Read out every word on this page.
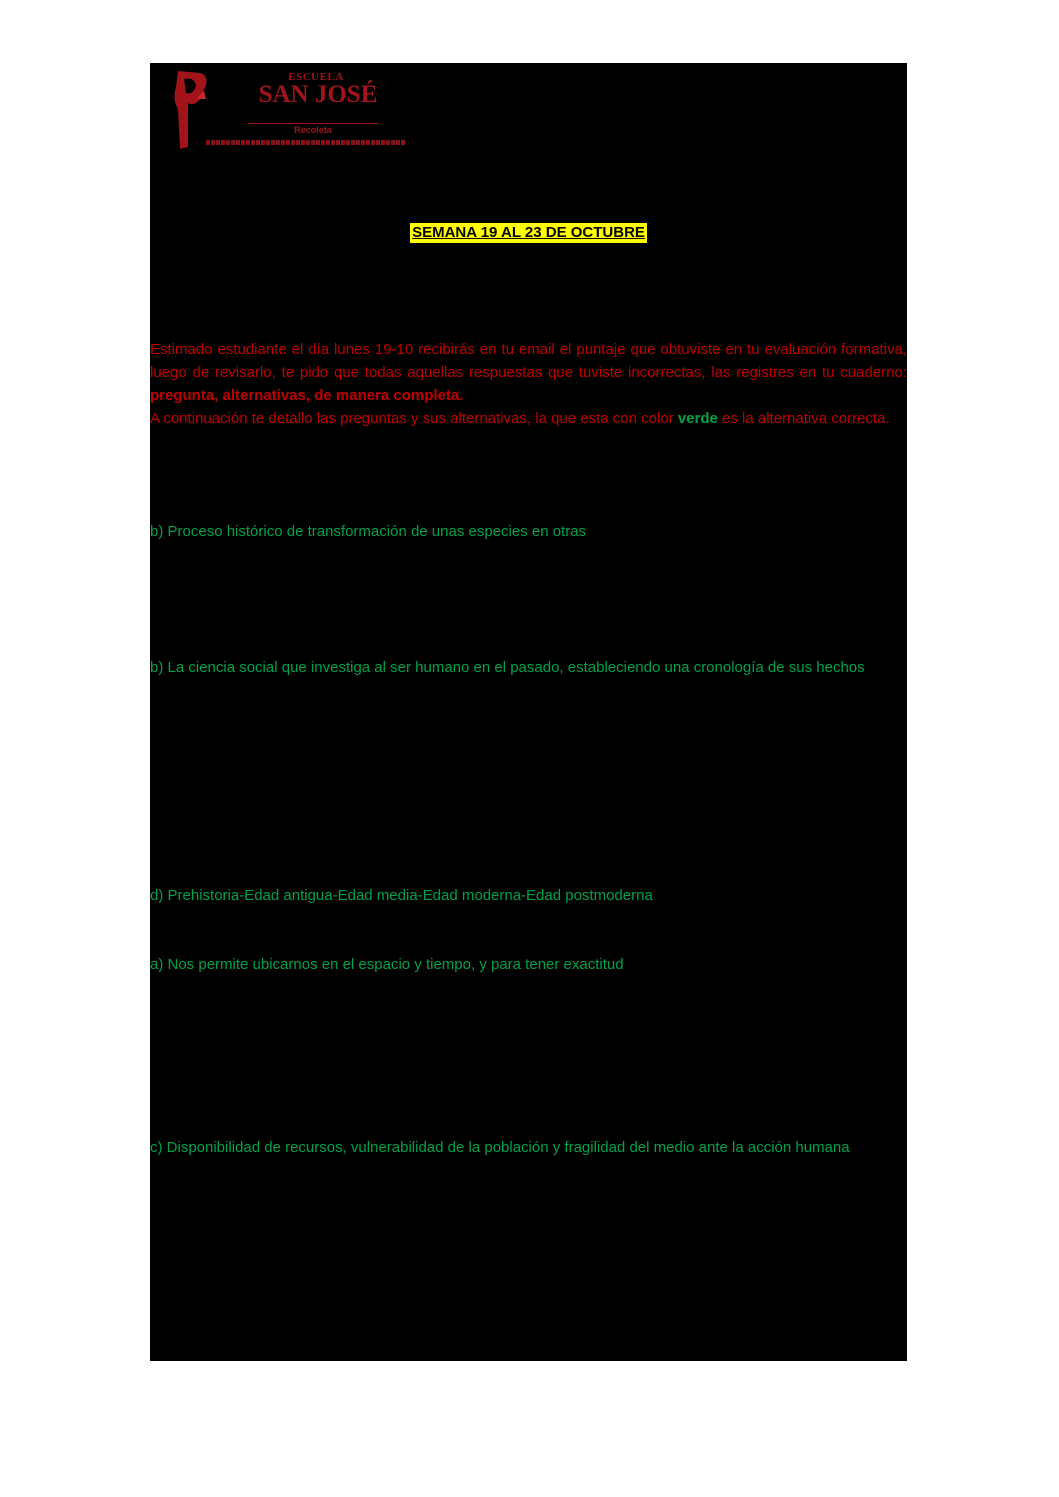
ESCUELA
SAN JOSÉ
Recoleta
SEMANA 19 AL 23 DE OCTUBRE

Estimado estudiante el día lunes 19-10 recibirás en tu email el puntaje que obtuviste en tu evaluación formativa, luego de revisarlo, te pido que todas aquellas respuestas que tuviste incorrectas, las registres en tu cuaderno: pregunta, alternativas, de manera completa.

A continuación te detallo las preguntas y sus alternativas, la que esta con color verde es la alternativa correcta.

b) Proceso histórico de transformación de unas especies en otras

b) La ciencia social que investiga al ser humano en el pasado, estableciendo una cronología de sus hechos

d) Prehistoria-Edad antigua-Edad media-Edad moderna-Edad postmoderna

a) Nos permite ubicarnos en el espacio y tiempo, y para tener exactitud

c) Disponibilidad de recursos, vulnerabilidad de la población y fragilidad del medio ante la acción humana
